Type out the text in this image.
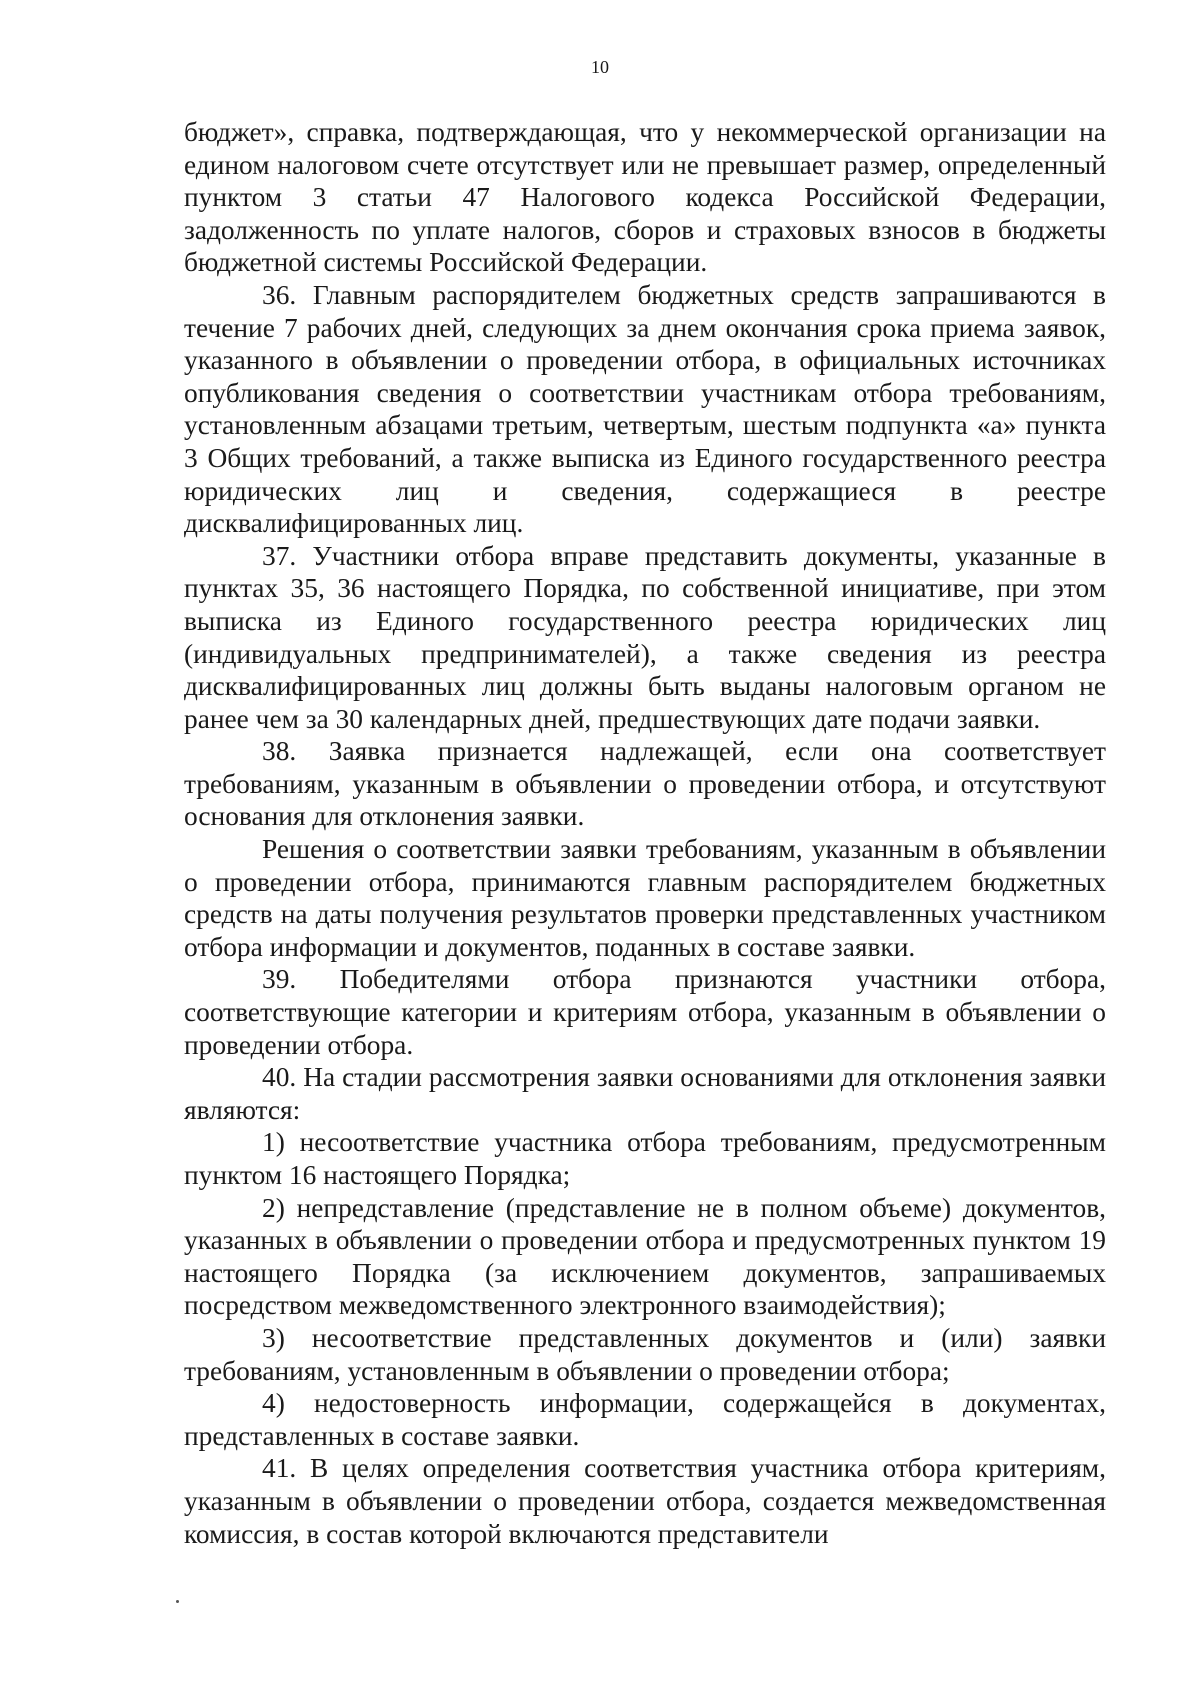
10

бюджет», справка, подтверждающая, что у некоммерческой организации на едином налоговом счете отсутствует или не превышает размер, определенный пунктом 3 статьи 47 Налогового кодекса Российской Федерации, задолженность по уплате налогов, сборов и страховых взносов в бюджеты бюджетной системы Российской Федерации.

36. Главным распорядителем бюджетных средств запрашиваются в течение 7 рабочих дней, следующих за днем окончания срока приема заявок, указанного в объявлении о проведении отбора, в официальных источниках опубликования сведения о соответствии участникам отбора требованиям, установленным абзацами третьим, четвертым, шестым подпункта «а» пункта 3 Общих требований, а также выписка из Единого государственного реестра юридических лиц и сведения, содержащиеся в реестре дисквалифицированных лиц.

37. Участники отбора вправе представить документы, указанные в пунктах 35, 36 настоящего Порядка, по собственной инициативе, при этом выписка из Единого государственного реестра юридических лиц (индивидуальных предпринимателей), а также сведения из реестра дисквалифицированных лиц должны быть выданы налоговым органом не ранее чем за 30 календарных дней, предшествующих дате подачи заявки.

38. Заявка признается надлежащей, если она соответствует требованиям, указанным в объявлении о проведении отбора, и отсутствуют основания для отклонения заявки.

Решения о соответствии заявки требованиям, указанным в объявлении о проведении отбора, принимаются главным распорядителем бюджетных средств на даты получения результатов проверки представленных участником отбора информации и документов, поданных в составе заявки.

39. Победителями отбора признаются участники отбора, соответствующие категории и критериям отбора, указанным в объявлении о проведении отбора.

40. На стадии рассмотрения заявки основаниями для отклонения заявки являются:

1) несоответствие участника отбора требованиям, предусмотренным пунктом 16 настоящего Порядка;

2) непредставление (представление не в полном объеме) документов, указанных в объявлении о проведении отбора и предусмотренных пунктом 19 настоящего Порядка (за исключением документов, запрашиваемых посредством межведомственного электронного взаимодействия);

3) несоответствие представленных документов и (или) заявки требованиям, установленным в объявлении о проведении отбора;

4) недостоверность информации, содержащейся в документах, представленных в составе заявки.

41. В целях определения соответствия участника отбора критериям, указанным в объявлении о проведении отбора, создается межведомственная комиссия, в состав которой включаются представители
